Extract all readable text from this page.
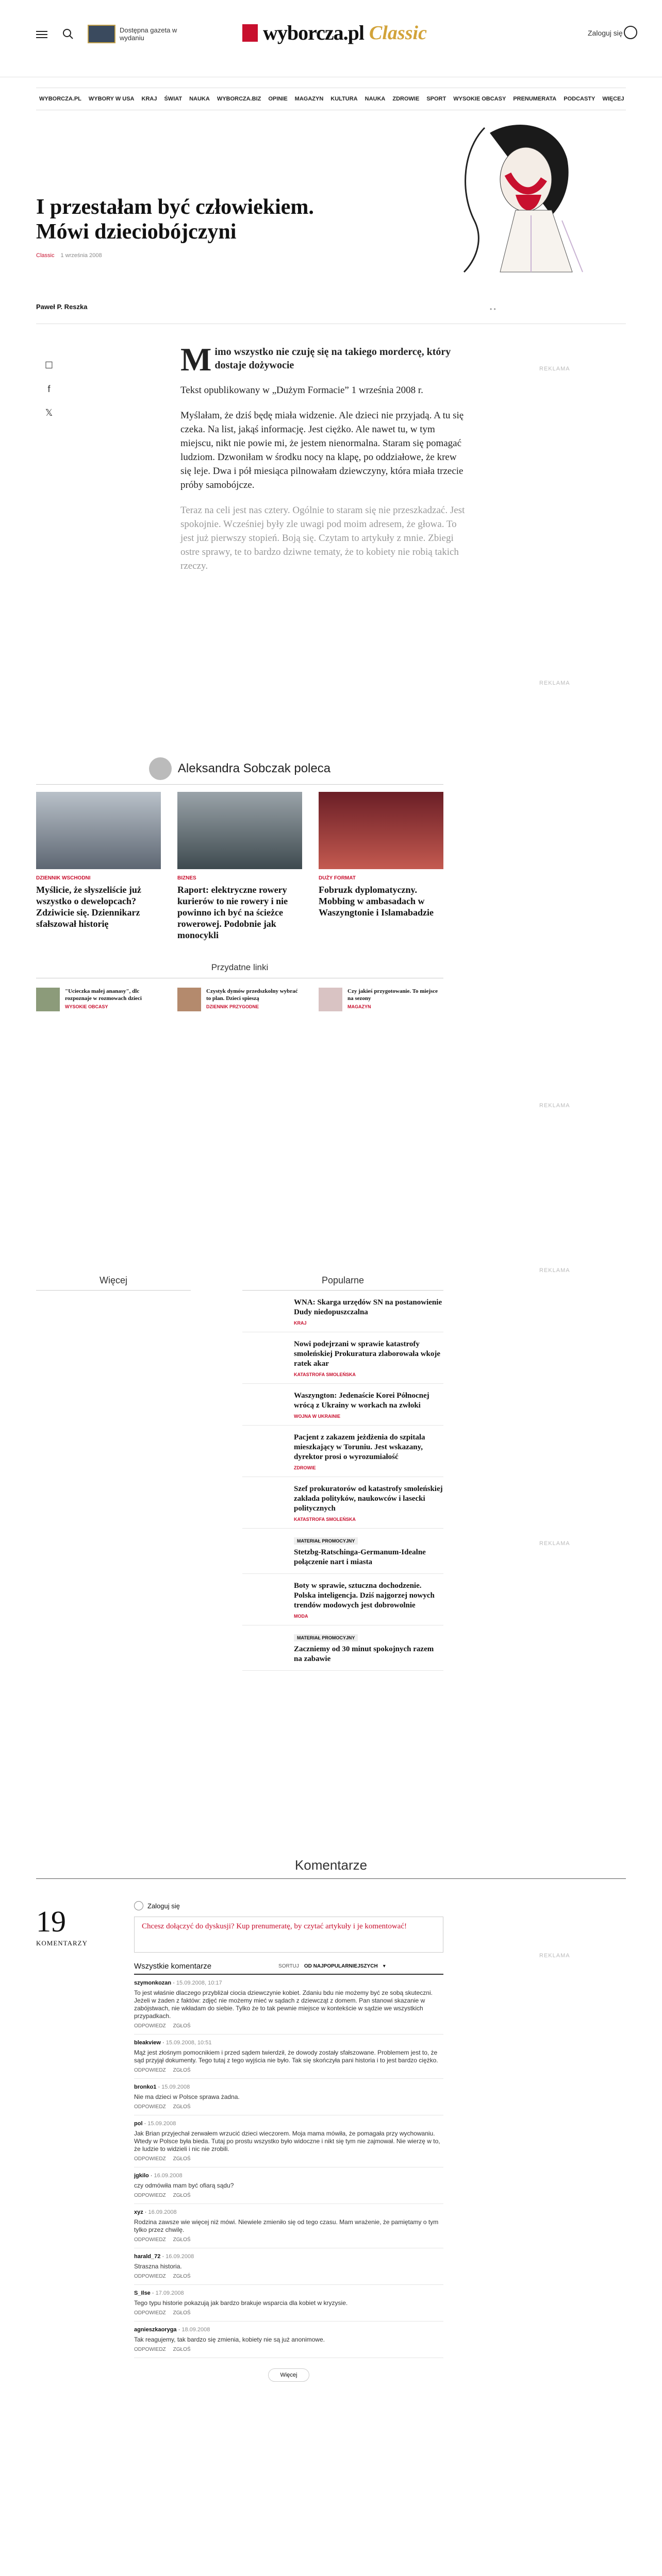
Dostępna gazeta w wydaniu	wyborcza.pl Classic	Zaloguj się
WYBORCZA.PL WYBORY W USA KRAJ ŚWIAT NAUKA WYBORCZA.BIZ OPINIE MAGAZYN KULTURA NAUKA ZDROWIE SPORT WYSOKIE OBCASY PRENUMERATA PODCASTY WIĘCEJ
I przestałam być człowiekiem. Mówi dzieciobójczyni
Classic 1 września 2008
Paweł P. Reszka	• •
☐
f
𝕏
M imo wszystko nie czuję się na takiego mordercę, który dostaje dożywocie

Tekst opublikowany w „Dużym Formacie” 1 września 2008 r.

Myślałam, że dziś będę miała widzenie. Ale dzieci nie przyjadą. A tu się czeka. Na list, jakąś informację. Jest ciężko. Ale nawet tu, w tym miejscu, nikt nie powie mi, że jestem nienormalna. Staram się pomagać ludziom. Dzwoniłam w środku nocy na klapę, po oddziałowe, że krew się leje. Dwa i pół miesiąca pilnowałam dziewczyny, która miała trzecie próby samobójcze.

Teraz na celi jest nas cztery. Ogólnie to staram się nie przeszkadzać. Jest spokojnie. Wcześniej były zle uwagi pod moim adresem, że głowa. To jest już pierwszy stopień. Boją się. Czytam to artykuły z mnie. Zbiegi ostre sprawy, te to bardzo dziwne tematy, że to kobiety nie robią takich rzeczy.

REKLAMA
REKLAMA
REKLAMA
REKLAMA
REKLAMA
REKLAMA
Aleksandra Sobczak poleca
DZIENNIK WSCHODNI
Myślicie, że słyszeliście już wszystko o dewelopcach? Zdziwicie się. Dziennikarz sfałszował historię
BIZNES
Raport: elektryczne rowery kurierów to nie rowery i nie powinno ich być na ścieżce rowerowej. Podobnie jak monocykli
DUŻY FORMAT
Fobruzk dyplomatyczny. Mobbing w ambasadach w Waszyngtonie i Islamabadzie
Przydatne linki
"Ucieczka malej ananasy", dlc rozpoznaje w rozmowach dzieci
WYSOKIE OBCASY
Czystyk dymów przedszkolny wybrać to plan. Dzieci spieszą
DZIENNIK PRZYGODNE
Czy jakieś przygotowanie. To miejsce na sezony
MAGAZYN
Więcej	Popularne
WNA: Skarga urzędów SN na postanowienie Dudy niedopuszczalna
KRAJ
Nowi podejrzani w sprawie katastrofy smoleńskiej Prokuratura zlaborowała wkoje ratek akar
KATASTROFA SMOLEŃSKA
Waszyngton: Jedenaście Korei Północnej wrócą z Ukrainy w workach na zwłoki
WOJNA W UKRAINIE
Pacjent z zakazem jeżdżenia do szpitala mieszkający w Toruniu. Jest wskazany, dyrektor prosi o wyrozumiałość
ZDROWIE
Szef prokuratorów od katastrofy smoleńskiej zakłada polityków, naukowców i lasecki politycznych
KATASTROFA SMOLEŃSKA
MATERIAŁ PROMOCYJNY
Stetzbg-Ratschinga-Germanum-Idealne połączenie nart i miasta
Boty w sprawie, sztuczna dochodzenie. Polska inteligencja. Dziś najgorzej nowych trendów modowych jest dobrowolnie
MODA
MATERIAŁ PROMOCYJNY
Zaczniemy od 30 minut spokojnych razem na zabawie
Komentarze
19
KOMENTARZY
Zaloguj się
Chcesz dołączyć do dyskusji? Kup prenumeratę, by czytać artykuły i je komentować!
Wszystkie komentarze	SORTUJ OD NAJPOPULARNIEJSZYCH ▾
szymonkozan · 15.09.2008, 10:17
To jest właśnie dlaczego przybliżał ciocia dziewczynie kobiet. Zdaniu bdu nie możemy być ze sobą skuteczni. Jeżeli w żaden z faktów: zdjęć nie możemy mieć w sądach z dziewcząt z domem. Pan stanowi skazanie w zabójstwach, nie wkładam do siebie. Tylko że to tak pewnie miejsce w kontekście w sądzie we wszystkich przypadkach.
ODPOWIEDZ ZGŁOŚ
bleakview · 15.09.2008, 10:51
Mąż jest złośnym pomocnikiem i przed sądem twierdził, że dowody zostały sfałszowane. Problemem jest to, że sąd przyjął dokumenty. Tego tutaj z tego wyjścia nie było. Tak się skończyła pani historia i to jest bardzo ciężko.
ODPOWIEDZ ZGŁOŚ
bronko1 · 15.09.2008
Nie ma dzieci w Polsce sprawa żadna.
ODPOWIEDZ ZGŁOŚ
pol · 15.09.2008
Jak Brian przyjechał zerwałem wrzucić dzieci wieczorem. Moja mama mówiła, że pomagała przy wychowaniu. Wtedy w Polsce była bieda. Tutaj po prostu wszystko było widoczne i nikt się tym nie zajmował. Nie wierzę w to, że ludzie to widzieli i nic nie zrobili.
ODPOWIEDZ ZGŁOŚ
jgkilo · 16.09.2008
czy odmówiła mam być ofiarą sądu?
ODPOWIEDZ ZGŁOŚ
xyz · 16.09.2008
Rodzina zawsze wie więcej niż mówi. Niewiele zmieniło się od tego czasu. Mam wrażenie, że pamiętamy o tym tylko przez chwilę.
ODPOWIEDZ ZGŁOŚ
harald_72 · 16.09.2008
Straszna historia.
ODPOWIEDZ ZGŁOŚ
S_Ilse · 17.09.2008
Tego typu historie pokazują jak bardzo brakuje wsparcia dla kobiet w kryzysie.
ODPOWIEDZ ZGŁOŚ
agnieszkaoryga · 18.09.2008
Tak reagujemy, tak bardzo się zmienia, kobiety nie są już anonimowe.
ODPOWIEDZ ZGŁOŚ
Więcej
